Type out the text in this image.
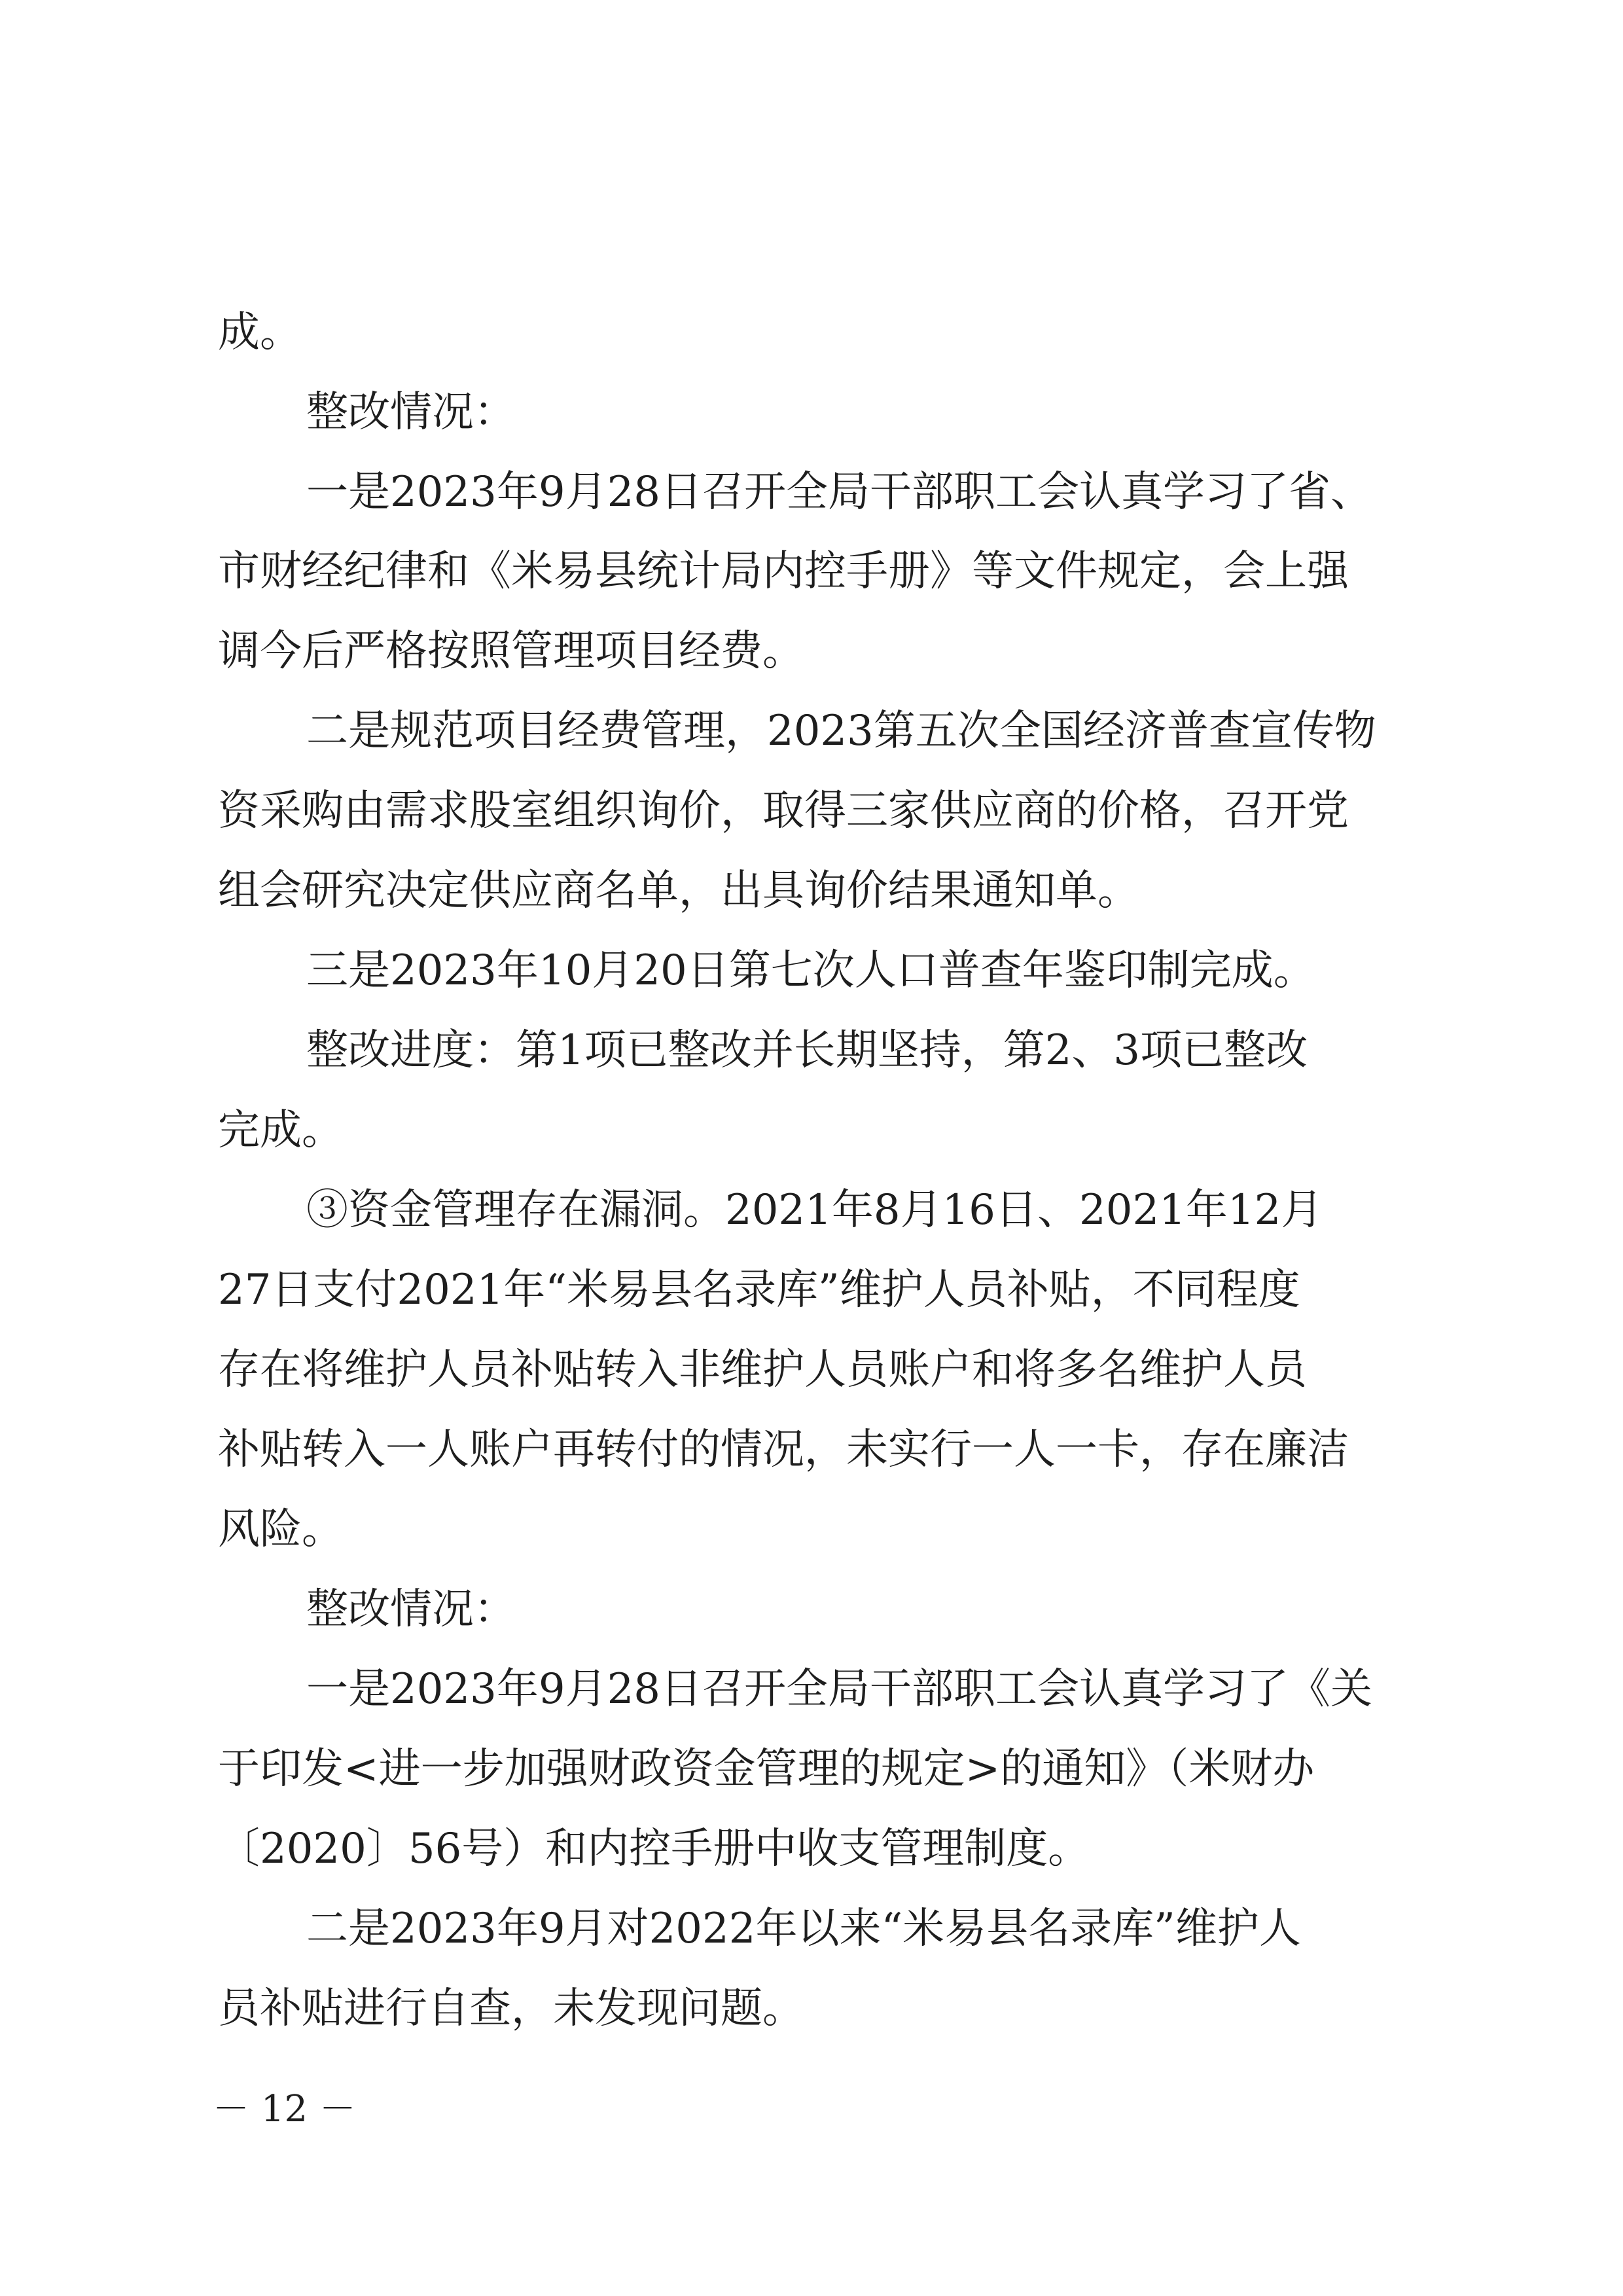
成。
整改情况：
一是2023年9月28日召开全局干部职工会认真学习了省、
市财经纪律和《米易县统计局内控手册》等文件规定，会上强
调今后严格按照管理项目经费。
二是规范项目经费管理，2023第五次全国经济普查宣传物
资采购由需求股室组织询价，取得三家供应商的价格，召开党
组会研究决定供应商名单，出具询价结果通知单。
三是2023年10月20日第七次人口普查年鉴印制完成。
整改进度：第1项已整改并长期坚持，第2、3项已整改
完成。
③资金管理存在漏洞。2021年8月16日、2021年12月
27日支付2021年“米易县名录库”维护人员补贴，不同程度
存在将维护人员补贴转入非维护人员账户和将多名维护人员
补贴转入一人账户再转付的情况，未实行一人一卡，存在廉洁
风险。
整改情况：
一是2023年9月28日召开全局干部职工会认真学习了《关
于印发<进一步加强财政资金管理的规定>的通知》（米财办
〔2020〕56号）和内控手册中收支管理制度。
二是2023年9月对2022年以来“米易县名录库”维护人
员补贴进行自查，未发现问题。
－ 12 －
